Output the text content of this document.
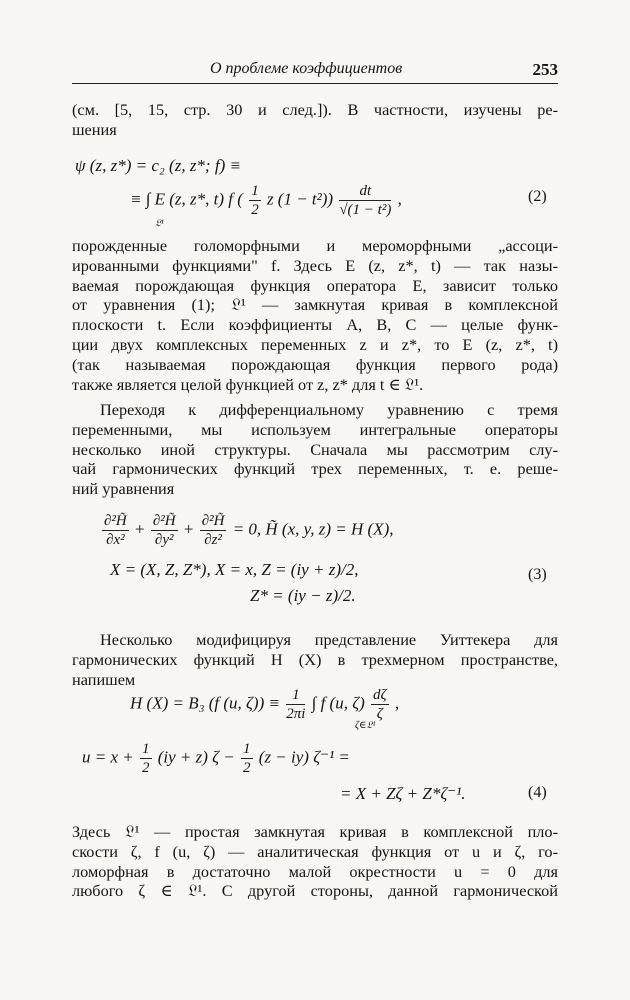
О проблеме коэффициентов	253
(см. [5, 15, стр. 30 и след.]). В частности, изучены ре-
шения
ψ (z, z*) = c₂ (z, z*; f) ≡
≡ ∫ E (z, z*, t) f ( $\frac{1}{2}$ z $(1 - t^2)) \frac{dt}{\text{√(1 − t²)}}$ ,
𝔏¹
(2)
порожденные голоморфными и мероморфными „ассоци-
ированными функциями" f. Здесь E (z, z*, t) — так назы-
ваемая порождающая функция оператора E, зависит только
от уравнения (1); 𝔏¹ — замкнутая кривая в комплексной
плоскости t. Если коэффициенты A, B, C — целые функ-
ции двух комплексных переменных z и z*, то E (z, z*, t)
(так называемая порождающая функция первого рода)
также является целой функцией от z, z* для t ∈ 𝔏¹.
Переходя к дифференциальному уравнению с тремя
переменными, мы используем интегральные операторы
несколько иной структуры. Сначала мы рассмотрим слу-
чай гармонических функций трех переменных, т. е. реше-
ний уравнения
$\frac{\text{∂²H̃}}{\text{∂x²}} + \frac{\text{∂²H̃}}{\text{∂y²}} + \frac{\text{∂²H̃}}{\text{∂z²}} = 0$, H̃ (x, y, z) = H (X),
X = (X, Z, Z*), X = x, Z = (iy + z)/2,
Z* = (iy − z)/2.
(3)
Несколько модифицируя представление Уиттекера для
гармонических функций H (X) в трехмерном пространстве,
напишем
H (X) = B₃ (f (u, $\zeta)) \equiv \frac{1}{2\pi i}$ ∫ f (u, $\zeta) \frac{d\zeta}{\zeta}$ ,
ζ∈𝔏¹
$u = x + \frac{1}{2} (iy + z) \zeta - \frac{1}{2} (z - iy) \zeta^{-1}$ =
= X + Zζ + Z*ζ⁻¹.	(4)
Здесь 𝔏¹ — простая замкнутая кривая в комплексной пло-
скости ζ, f (u, ζ) — аналитическая функция от u и ζ, го-
ломорфная в достаточно малой окрестности u = 0 для
любого ζ ∈ 𝔏¹. С другой стороны, данной гармонической
